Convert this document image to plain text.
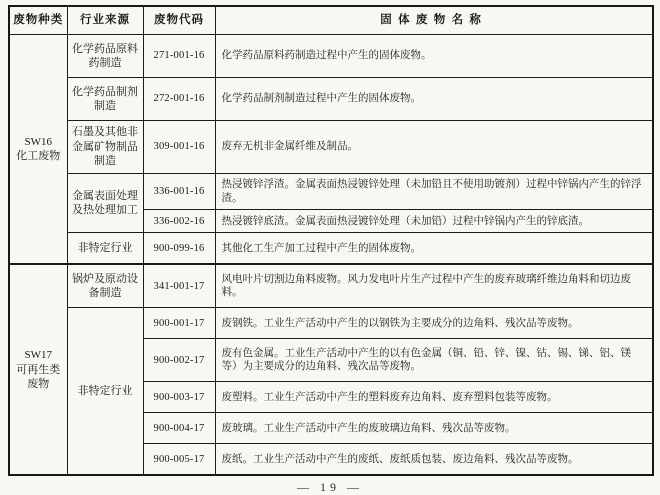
废物种类	行业来源	废物代码	固体废物名称

SW16
化工废物	化学药品原料药制造	271-001-16	化学药品原料药制造过程中产生的固体废物。
	化学药品制剂制造	272-001-16	化学药品制剂制造过程中产生的固体废物。
	石墨及其他非金属矿物制品制造	309-001-16	废弃无机非金属纤维及制品。
	金属表面处理及热处理加工	336-001-16	热浸镀锌浮渣。金属表面热浸镀锌处理（未加铅且不使用助镀剂）过程中锌锅内产生的锌浮渣。
		336-002-16	热浸镀锌底渣。金属表面热浸镀锌处理（未加铅）过程中锌锅内产生的锌底渣。
	非特定行业	900-099-16	其他化工生产加工过程中产生的固体废物。

SW17
可再生类废物	锅炉及原动设备制造	341-001-17	风电叶片切割边角料废物。风力发电叶片生产过程中产生的废弃玻璃纤维边角料和切边废料。
	非特定行业	900-001-17	废钢铁。工业生产活动中产生的以钢铁为主要成分的边角料、残次品等废物。
		900-002-17	废有色金属。工业生产活动中产生的以有色金属（铜、铅、锌、镍、钴、锡、锑、铝、镁等）为主要成分的边角料、残次品等废物。
		900-003-17	废塑料。工业生产活动中产生的塑料废弃边角料、废弃塑料包装等废物。
		900-004-17	废玻璃。工业生产活动中产生的废玻璃边角料、残次品等废物。
		900-005-17	废纸。工业生产活动中产生的废纸、废纸质包装、废边角料、残次品等废物。
— 19 —
